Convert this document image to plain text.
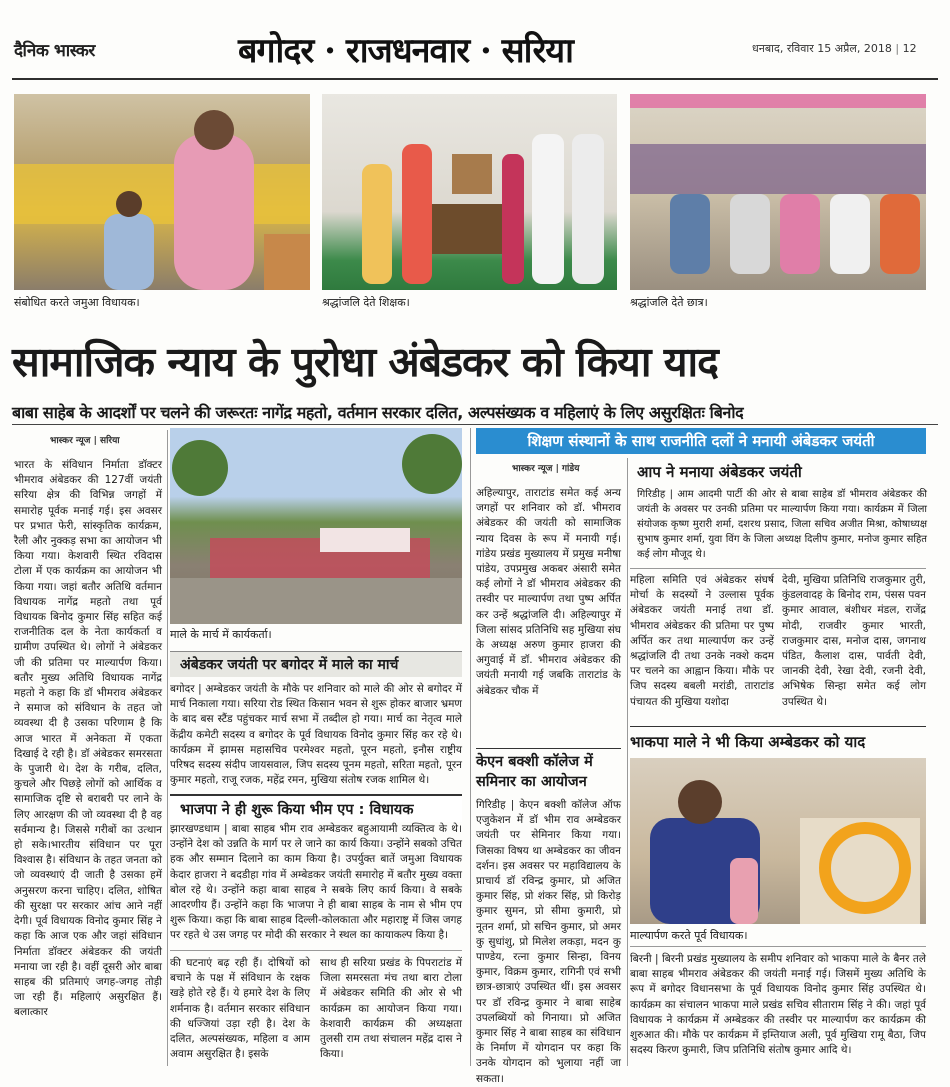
दैनिक भास्कर	बगोदर · राजधनवार · सरिया	धनबाद, रविवार 15 अप्रैल, 2018 | 12
संबोधित करते जमुआ विधायक।	श्रद्धांजलि देते शिक्षक।	श्रद्धांजलि देते छात्र।
सामाजिक न्याय के पुरोधा अंबेडकर को किया याद
बाबा साहेब के आदर्शों पर चलने की जरूरतः नागेंद्र महतो, वर्तमान सरकार दलित, अल्पसंख्यक व महिलाएं के लिए असुरक्षितः बिनोद
भास्कर न्यूज | सरिया
भारत के संविधान निर्माता डॉक्टर भीमराव अंबेडकर की 127वीं जयंती सरिया क्षेत्र की विभिन्न जगहों में समारोह पूर्वक मनाई गई। इस अवसर पर प्रभात फेरी, सांस्कृतिक कार्यक्रम, रैली और नुक्कड़ सभा का आयोजन भी किया गया। केशवारी स्थित रविदास टोला में एक कार्यक्रम का आयोजन भी किया गया। जहां बतौर अतिथि वर्तमान विधायक नागेंद्र महतो तथा पूर्व विधायक बिनोद कुमार सिंह सहित कई राजनीतिक दल के नेता कार्यकर्ता व ग्रामीण उपस्थित थे। लोगों ने अंबेडकर जी की प्रतिमा पर माल्यार्पण किया। बतौर मुख्य अतिथि विधायक नागेंद्र महतो ने कहा कि डॉ भीमराव अंबेडकर ने समाज को संविधान के तहत जो व्यवस्था दी है उसका परिणाम है कि आज भारत में अनेकता में एकता दिखाई दे रही है। डॉ अंबेडकर समरसता के पुजारी थे। देश के गरीब, दलित, कुचले और पिछड़े लोगों को आर्थिक व सामाजिक दृष्टि से बराबरी पर लाने के लिए आरक्षण की जो व्यवस्था दी है वह सर्वमान्य है। जिससे गरीबों का उत्थान हो सके।भारतीय संविधान पर पूरा विश्वास है। संविधान के तहत जनता को जो व्यवस्थाएं दी जाती है उसका हमें अनुसरण करना चाहिए। दलित, शोषित की सुरक्षा पर सरकार आंच आने नहीं देगी। पूर्व विधायक विनोद कुमार सिंह ने कहा कि आज एक और जहां संविधान निर्माता डॉक्टर अंबेडकर की जयंती मनाया जा रही है। वहीं दूसरी ओर बाबा साहब की प्रतिमाएं जगह-जगह तोड़ी जा रही हैं। महिलाएं असुरक्षित हैं। बलात्कार
माले के मार्च में कार्यकर्ता।
अंबेडकर जयंती पर बगोदर में माले का मार्च
बगोदर | अम्बेडकर जयंती के मौके पर शनिवार को माले की ओर से बगोदर में मार्च निकाला गया। सरिया रोड स्थित किसान भवन से शुरू होकर बाजार भ्रमण के बाद बस स्टैंड पहुंचकर मार्च सभा में तब्दील हो गया। मार्च का नेतृत्व माले केंद्रीय कमेटी सदस्य व बगोदर के पूर्व विधायक विनोद कुमार सिंह कर रहे थे। कार्यक्रम में झामस महासचिव परमेश्वर महतो, पूरन महतो, इनौस राष्ट्रीय परिषद सदस्य संदीप जायसवाल, जिप सदस्य पूनम महतो, सरिता महतो, पूरन कुमार महतो, राजू रजक, महेंद्र रमन, मुखिया संतोष रजक शामिल थे।
भाजपा ने ही शुरू किया भीम एप : विधायक
झारखण्डधाम | बाबा साहब भीम राव अम्बेडकर बहुआयामी व्यक्तित्व के थे। उन्होंने देश को उन्नति के मार्ग पर ले जाने का कार्य किया। उन्होंने सबको उचित हक और सम्मान दिलाने का काम किया है। उपर्युक्त बातें जमुआ विधायक केदार हाजरा ने बदडीहा गांव में अम्बेडकर जयंती समारोह में बतौर मुख्य वक्ता बोल रहे थे। उन्होंने कहा बाबा साहब ने सबके लिए कार्य किया। वे सबके आदरणीय हैं। उन्होंने कहा कि भाजपा ने ही बाबा साहब के नाम से भीम एप शुरू किया। कहा कि बाबा साहब दिल्ली-कोलकाता और महाराष्ट्र में जिस जगह पर रहते थे उस जगह पर मोदी की सरकार ने स्थल का कायाकल्प किया है।
की घटनाएं बढ़ रही हैं। दोषियों को बचाने के पक्ष में संविधान के रक्षक खड़े होते रहे हैं। ये हमारे देश के लिए शर्मनाक है। वर्तमान सरकार संविधान की धज्जियां उड़ा रही है। देश के दलित, अल्पसंख्यक, महिला व आम अवाम असुरक्षित है। इसके
साथ ही सरिया प्रखंड के पिपराटांड में जिला समरसता मंच तथा बारा टोला में अंबेडकर समिति की ओर से भी कार्यक्रम का आयोजन किया गया। केशवारी कार्यक्रम की अध्यक्षता तुलसी राम तथा संचालन महेंद्र दास ने किया।
शिक्षण संस्थानों के साथ राजनीति दलों ने मनायी अंबेडकर जयंती
भास्कर न्यूज | गांडेय
अहिल्यापुर, ताराटांड समेत कई अन्य जगहों पर शनिवार को डॉ. भीमराव अंबेडकर की जयंती को सामाजिक न्याय दिवस के रूप में मनायी गई। गांडेय प्रखंड मुख्यालय में प्रमुख मनीषा पांडेय, उपप्रमुख अकबर अंसारी समेत कई लोगों ने डॉ भीमराव अंबेडकर की तस्वीर पर माल्यार्पण तथा पुष्प अर्पित कर उन्हें श्रद्धांजलि दी। अहिल्यापुर में जिला सांसद प्रतिनिधि सह मुखिया संघ के अध्यक्ष अरुण कुमार हाजरा की अगुवाई में डॉ. भीमराव अंबेडकर की जयंती मनायी गई जबकि ताराटांड के अंबेडकर चौक में
केएन बक्शी कॉलेज में समिनार का आयोजन
गिरिडीह | केएन बक्शी कॉलेज ऑफ एजुकेशन में डॉ भीम राव अम्बेडकर जयंती पर सेमिनार किया गया। जिसका विषय था अम्बेडकर का जीवन दर्शन। इस अवसर पर महाविद्यालय के प्राचार्य डॉ रविन्द्र कुमार, प्रो अजित कुमार सिंह, प्रो शंकर सिंह, प्रो किरोड़ कुमार सुमन, प्रो सीमा कुमारी, प्रो नूतन शर्मा, प्रो सचिन कुमार, प्रो अमर कु सुधांशु, प्रो मिलेश लकड़ा, मदन कु पाण्डेय, रत्ना कुमार सिन्हा, विनय कुमार, विक्रम कुमार, रागिनी एवं सभी छात्र-छात्राएं उपस्थित थीं। इस अवसर पर डॉ रविन्द्र कुमार ने बाबा साहेब उपलब्धियों को गिनाया। प्रो अजित कुमार सिंह ने बाबा साहब का संविधान के निर्माण में योगदान पर कहा कि उनके योगदान को भुलाया नहीं जा सकता।
आप ने मनाया अंबेडकर जयंती
गिरिडीह | आम आदमी पार्टी की ओर से बाबा साहेब डॉ भीमराव अंबेडकर की जयंती के अवसर पर उनकी प्रतिमा पर माल्यार्पण किया गया। कार्यक्रम में जिला संयोजक कृष्ण मुरारी शर्मा, दशरथ प्रसाद, जिला सचिव अजीत मिश्रा, कोषाध्यक्ष सुभाष कुमार शर्मा, युवा विंग के जिला अध्यक्ष दिलीप कुमार, मनोज कुमार सहित कई लोग मौजूद थे।
महिला समिति एवं अंबेडकर संघर्ष मोर्चा के सदस्यों ने उल्लास पूर्वक अंबेडकर जयंती मनाई तथा डॉ. भीमराव अंबेडकर की प्रतिमा पर पुष्प अर्पित कर तथा माल्यार्पण कर उन्हें श्रद्धांजलि दी तथा उनके नक्शे कदम पर चलने का आह्वान किया। मौके पर जिप सदस्य बबली मरांडी, ताराटांड पंचायत की मुखिया यशोदा
देवी, मुखिया प्रतिनिधि राजकुमार तुरी, कुंडलवादह के बिनोद राम, पंसस पवन कुमार आवाल, बंशीधर मंडल, राजेंद्र मोदी, राजवीर कुमार भारती, राजकुमार दास, मनोज दास, जगनाथ पंडित, कैलाश दास, पार्वती देवी, जानकी देवी, रेखा देवी, रजनी देवी, अभिषेक सिन्हा समेत कई लोग उपस्थित थे।
भाकपा माले ने भी किया अम्बेडकर को याद
माल्यार्पण करते पूर्व विधायक।
बिरनी | बिरनी प्रखंड मुख्यालय के समीप शनिवार को भाकपा माले के बैनर तले बाबा साहब भीमराव अंबेडकर की जयंती मनाई गई। जिसमें मुख्य अतिथि के रूप में बगोदर विधानसभा के पूर्व विधायक विनोद कुमार सिंह उपस्थित थे। कार्यक्रम का संचालन भाकपा माले प्रखंड सचिव सीताराम सिंह ने की। जहां पूर्व विधायक ने कार्यक्रम में अम्बेडकर की तस्वीर पर माल्यार्पण कर कार्यक्रम की शुरुआत की। मौके पर कार्यक्रम में इम्तियाज अली, पूर्व मुखिया रामू बैठा, जिप सदस्य किरण कुमारी, जिप प्रतिनिधि संतोष कुमार आदि थे।
